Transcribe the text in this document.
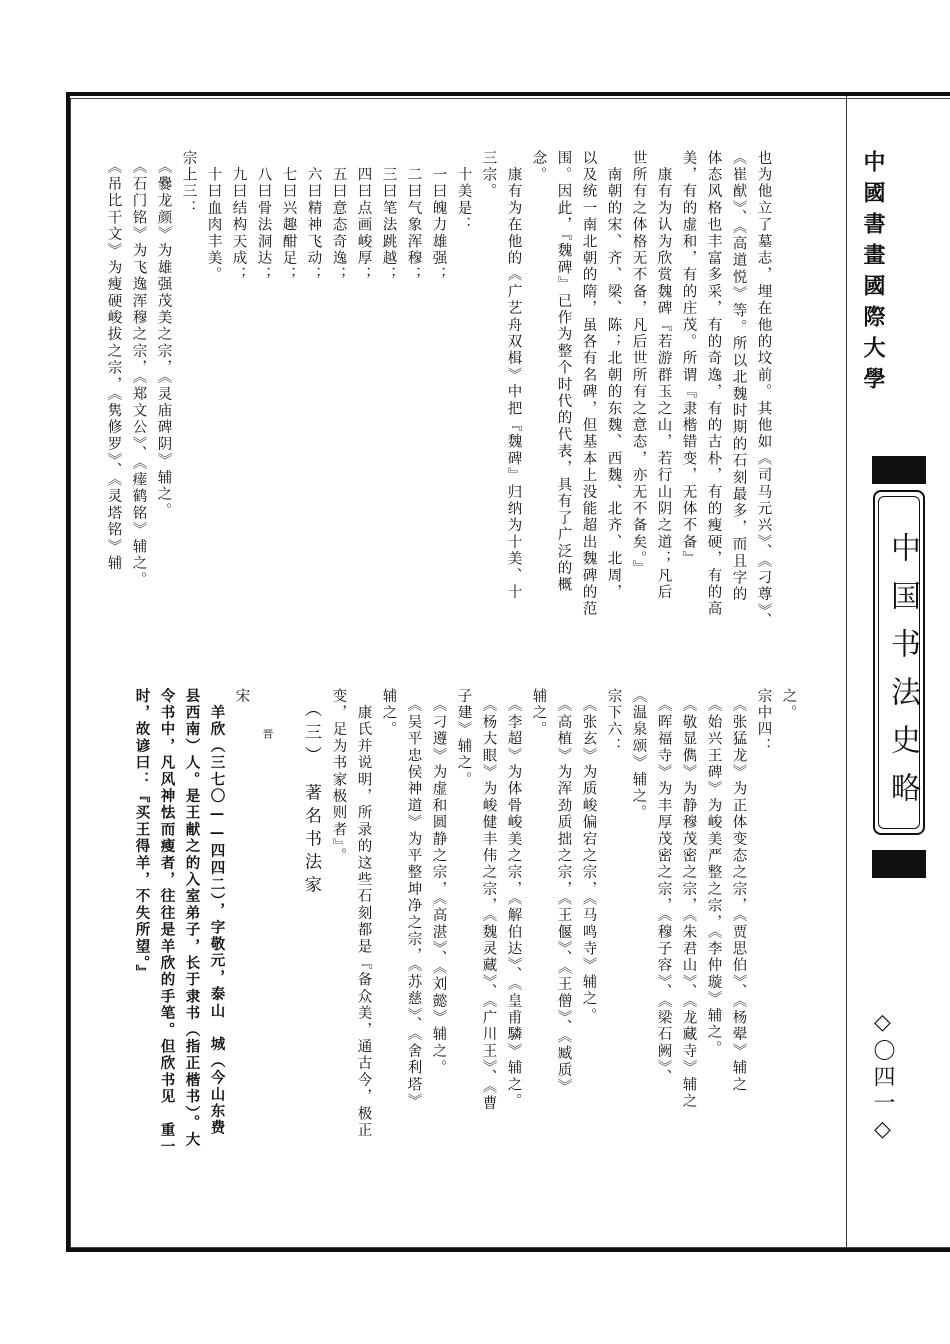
中國書畫國際大學
中国书法史略
◇〇四一◇
也为他立了墓志，埋在他的坟前。其他如《司马元兴》、《刁尊》、
《崔猷》、《高道悦》等。所以北魏时期的石刻最多，而且字的
体态风格也丰富多采，有的奇逸，有的古朴，有的瘦硬，有的高
美，有的虚和，有的庄茂。所谓『隶楷错变，无体不备』
　康有为认为欣赏魏碑『若游群玉之山，若行山阴之道；凡后
世所有之体格无不备，凡后世所有之意态，亦无不备矣。』
　南朝的宋、齐、梁、陈；北朝的东魏、西魏、北齐、北周，
以及统一南北朝的隋，虽各有名碑，但基本上没能超出魏碑的范
围。因此，『魏碑』已作为整个时代的代表，具有了广泛的概
念。
　康有为在他的《广艺舟双楫》中把『魏碑』归纳为十美、十
三宗。
　十美是：
　一曰魄力雄强；
　二曰气象浑穆；
　三曰笔法跳越；
　四曰点画峻厚；
　五曰意态奇逸；
　六曰精神飞动；
　七曰兴趣酣足；
　八曰骨法洞达；
　九曰结构天成；
　十曰血肉丰美。
宗上三：
　《爨龙颜》为雄强茂美之宗，《灵庙碑阴》辅之。
　《石门铭》为飞逸浑穆之宗，《郑文公》、《瘗鹤铭》辅之。
　《吊比干文》为瘦硬峻拔之宗，《隽修罗》、《灵塔铭》辅
之。
宗中四：
　《张猛龙》为正体变态之宗，《贾思伯》、《杨翚》辅之
　《始兴王碑》为峻美严整之宗，《李仲璇》辅之。
　《敬显儁》为静穆茂密之宗，《朱君山》、《龙藏寺》辅之
　《晖福寺》为丰厚茂密之宗，《穆子容》、《梁石阙》、
《温泉颂》辅之。
宗下六：
　《张玄》为质峻偏宕之宗，《马鸣寺》辅之。
　《高植》为浑劲质拙之宗，《王偃》、《王僧》、《臧质》
辅之。
　《李超》为体骨峻美之宗，《解伯达》、《皇甫驎》辅之。
　《杨大眼》为峻健丰伟之宗，《魏灵藏》、《广川王》、《曹
子建》辅之。
　《刁遵》为虚和圆静之宗，《高湛》、《刘懿》辅之。
　《吴平忠侯神道》为平整坤净之宗，《苏慈》、《舍利塔》
辅之。
　康氏并说明，所录的这些石刻都是『备众美，通古今，极正
变，足为书家极则者』。
（三）　著名书法家
　　　晋
宋
　羊欣（三七〇——四四二），字敬元，泰山　城（今山东费
县西南）人。是王献之的入室弟子，长于隶书（指正楷书）。大
令书中，凡风神怯而瘦者，往往是羊欣的手笔。但欣书见　重一
时，故谚曰：『买王得羊，不失所望。』
